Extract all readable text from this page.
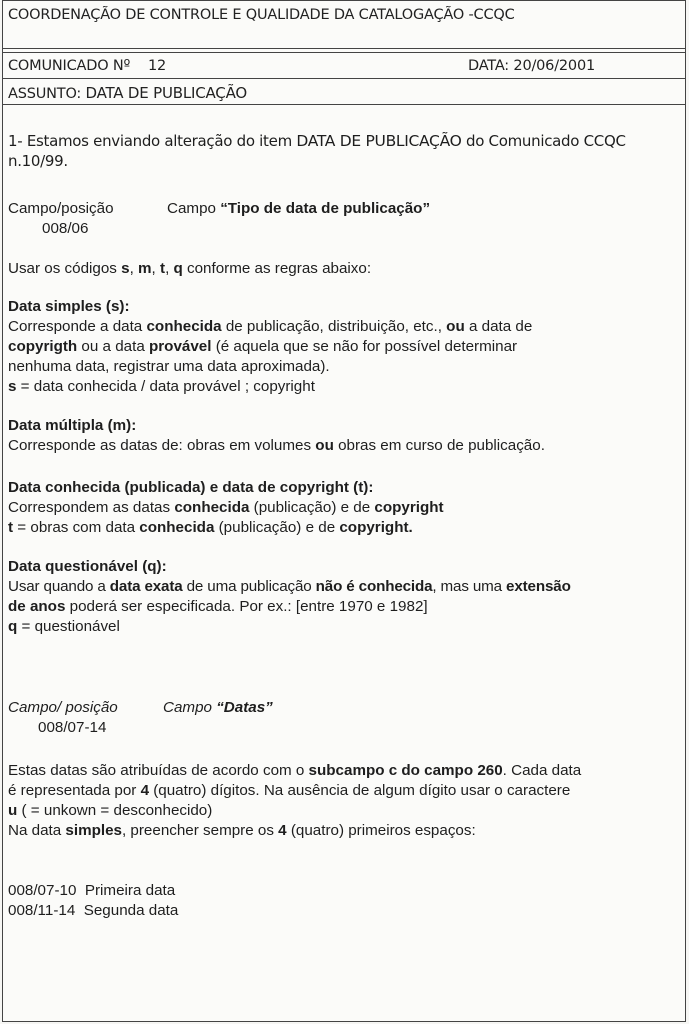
COORDENAÇÃO DE CONTROLE E QUALIDADE DA CATALOGAÇÃO -CCQC
COMUNICADO Nº 12	DATA: 20/06/2001
ASSUNTO: DATA DE PUBLICAÇÃO
1- Estamos enviando alteração do item DATA DE PUBLICAÇÃO do Comunicado CCQC n.10/99.
Campo/posição	Campo “Tipo de data de publicação”
008/06
Usar os códigos s, m, t, q conforme as regras abaixo:
Data simples (s):
Corresponde a data conhecida de publicação, distribuição, etc., ou a data de
copyrigth ou a data provável (é aquela que se não for possível determinar
nenhuma data, registrar uma data aproximada).
s = data conhecida / data provável ; copyright
Data múltipla (m):
Corresponde as datas de: obras em volumes ou obras em curso de publicação.
Data conhecida (publicada) e data de copyright (t):
Correspondem as datas conhecida (publicação) e de copyright
t = obras com data conhecida (publicação) e de copyright.
Data questionável (q):
Usar quando a data exata de uma publicação não é conhecida, mas uma extensão
de anos poderá ser especificada. Por ex.: [entre 1970 e 1982]
q = questionável
Campo/ posição	Campo “Datas”
008/07-14
Estas datas são atribuídas de acordo com o subcampo c do campo 260. Cada data
é representada por 4 (quatro) dígitos. Na ausência de algum dígito usar o caractere
u ( = unkown = desconhecido)
Na data simples, preencher sempre os 4 (quatro) primeiros espaços:
008/07-10 Primeira data
008/11-14 Segunda data
